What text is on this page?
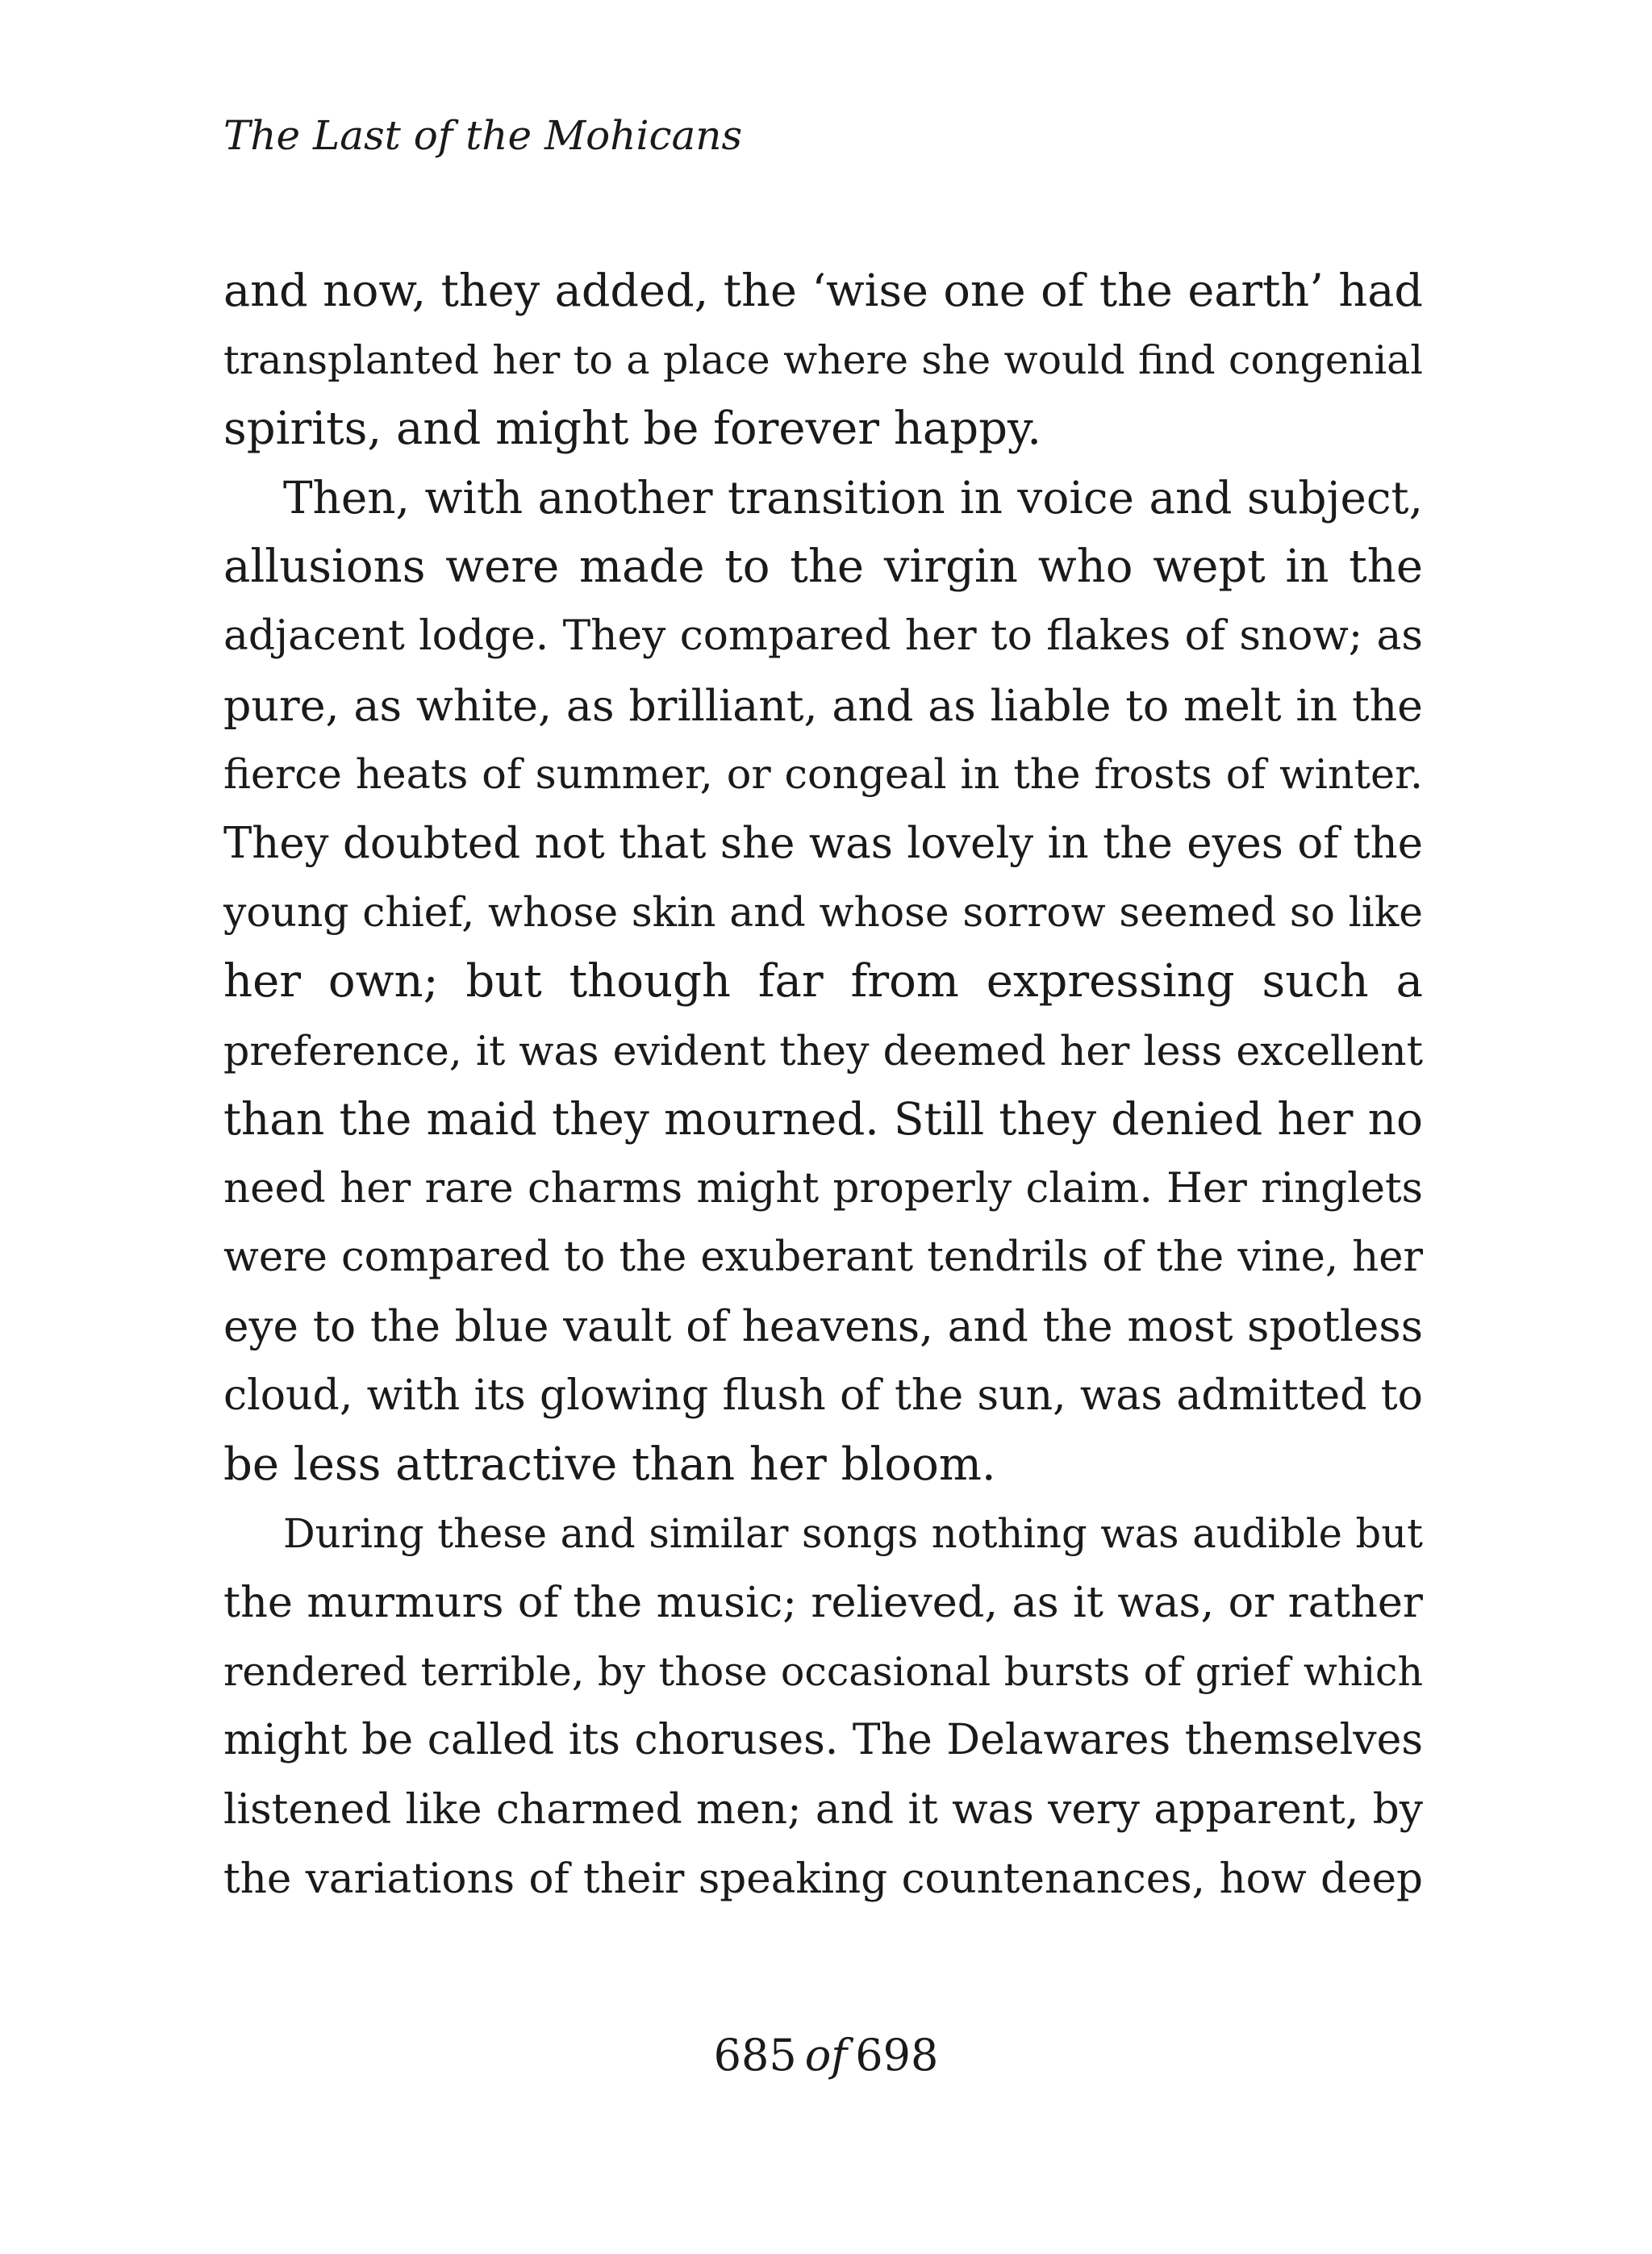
The Last of the Mohicans
and now, they added, the ‘wise one of the earth’ had
transplanted her to a place where she would find congenial
spirits, and might be forever happy.
Then, with another transition in voice and subject,
allusions were made to the virgin who wept in the
adjacent lodge. They compared her to flakes of snow; as
pure, as white, as brilliant, and as liable to melt in the
fierce heats of summer, or congeal in the frosts of winter.
They doubted not that she was lovely in the eyes of the
young chief, whose skin and whose sorrow seemed so like
her own; but though far from expressing such a
preference, it was evident they deemed her less excellent
than the maid they mourned. Still they denied her no
need her rare charms might properly claim. Her ringlets
were compared to the exuberant tendrils of the vine, her
eye to the blue vault of heavens, and the most spotless
cloud, with its glowing flush of the sun, was admitted to
be less attractive than her bloom.
During these and similar songs nothing was audible but
the murmurs of the music; relieved, as it was, or rather
rendered terrible, by those occasional bursts of grief which
might be called its choruses. The Delawares themselves
listened like charmed men; and it was very apparent, by
the variations of their speaking countenances, how deep
685 of 698
